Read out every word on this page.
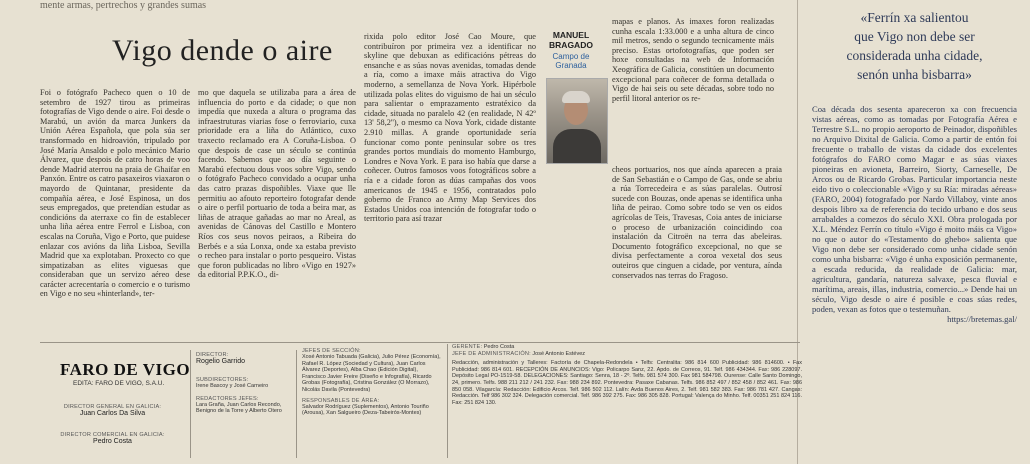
mente armas, pertrechos y grandes sumas
Vigo dende o aire

Foi o fotógrafo Pacheco quen o 10 de setembro de 1927 tirou as primeiras fotografías de Vigo dende o aire. Foi desde o Marabú, un avión da marca Junkers da Unión Aérea Española, que pola súa ser transformado en hidroavión, tripulado por José María Ansaldo e polo mecánico Mario Álvarez, que despois de catro horas de voo dende Madrid aterrou na praia de Ghaifar en Panxón. Entre os catro pasaxeiros viaxaron o mayordo de Quintanar, presidente da compañía aérea, e José Espinosa, un dos seus empregados, que pretendían estudar as condicións da aterraxe co fin de establecer unha liña aérea entre Ferrol e Lisboa, con escalas na Coruña, Vigo e Porto, que puidese enlazar cos avións da liña Lisboa, Sevilla Madrid que xa explotaban. Proxecto co que simpatizaban as elites viguesas que consideraban que un servizo aéreo dese carácter acrecentaría o comercio e o turismo en Vigo e no seu «hinterland», ter-

mo que daquela se utilizaba para a área de influencia do porto e da cidade; o que non impedía que nuxeda a altura o programa das infraestruturas viarias fose o ferroviario, cuxa prioridade era a liña do Atlántico, cuxo traxecto reclamado era A Coruña-Lisboa. O que despois de case un século se continúa facendo. Sabemos que ao día seguinte o Marabú efectuou dous voos sobre Vigo, sendo o fotógrafo Pacheco convidado a ocupar unha das catro prazas dispoñibles. Viaxe que lle permitiu ao afouto reporteiro fotografar dende o aire o perfil portuario de toda a beira mar, as liñas de atraque gañadas ao mar no Areal, as avenidas de Cánovas del Castillo e Montero Ríos cos seus novos peiraos, a Ribeira do Berbés e a súa Lonxa, onde xa estaba previsto o recheo para instalar o porto pesqueiro. Vistas que foron publicadas no libro «Vigo en 1927» da editorial P.P.K.O., di-

rixida polo editor José Cao Moure, que contribuíron por primeira vez a identificar no skyline que debuxan as edificacións pétreas do ensanche e as súas novas avenidas, tomadas dende a ría, como a imaxe máis atractiva do Vigo moderno, a semellanza de Nova York. Hipérbole utilizada polas elites do viguismo de hai un século para salientar o emprazamento estratéxico da cidade, situada no paralelo 42 (en realidade, N 42º 13' 58,2''), o mesmo ca Nova York, cidade distante 2.910 millas. A grande oportunidade sería funcionar como ponte peninsular sobre os tres grandes portos mundiais do momento Hamburgo, Londres e Nova York. E para iso había que darse a coñecer. Outros famosos voos fotográficos sobre a ría e a cidade foron as dúas campañas dos voos americanos de 1945 e 1956, contratados polo goberno de Franco ao Army Map Services dos Estados Unidos coa intención de fotografar todo o territorio para así trazar

mapas e planos. As imaxes foron realizadas cunha escala 1:33.000 e a unha altura de cinco mil metros, sendo o segundo tecnicamente máis preciso. Estas ortofotografías, que poden ser hoxe consultadas na web de Información Xeográfica de Galicia, constitúen un documento excepcional para coñecer de forma detallada o Vigo de hai seis ou sete décadas, sobre todo no perfil litoral anterior os re-

cheos portuarios, nos que aínda aparecen a praia de San Sebastián e o Campo de Gas, onde se abriu a rúa Torrecedeira e as súas paralelas. Outrosí sucede con Bouzas, onde apenas se identifica unha liña de peirao. Como sobre todo se ven os eidos agrícolas de Teis, Travesas, Coia antes de iniciarse o proceso de urbanización coincidindo coa instalación da Citroën na terra das abeleiras. Documento fotográfico excepcional, no que se divisa perfectamente a coroa vexetal dos seus outeiros que cinguen a cidade, por ventura, aínda conservados nas terras do Fragoso.

MANUEL
BRAGADO
Campo de
Granada
«Ferrín xa salientou
que Vigo non debe ser
considerada unha cidade,
senón unha bisbarra»
Coa década dos sesenta apareceron xa con frecuencia vistas aéreas, como as tomadas por Fotografía Aérea e Terrestre S.L. no propio aeroporto de Peinador, dispoñibles no Arquivo Dixital de Galicia. Como a partir de entón foi frecuente o traballo de vistas da cidade dos excelentes fotógrafos do FARO como Magar e as súas viaxes pioneiras en avioneta, Barreiro, Siorty, Carneselle, De Arcos ou de Ricardo Grobas. Particular importancia neste eido tivo o coleccionable «Vigo y su Ría: miradas aéreas» (FARO, 2004) fotografado por Nardo Villaboy, vinte anos despois libro xa de referencia do tecido urbano e dos seus arrabaldes a comezos do século XXI. Obra prologada por X.L. Méndez Ferrín co título «Vigo é moito máis ca Vigo» no que o autor do «Testamento do ghebo» salienta que Vigo non debe ser considerado como unha cidade senón como unha bisbarra: «Vigo é unha exposición permanente, a escada reducida, da realidade de Galicia: mar, agricultura, gandaría, natureza salvaxe, pesca fluvial e marítima, areais, illas, industria, comercio...» Dende hai un século, Vigo desde o aire é posible e coas súas redes, poden, vexan as fotos que o testemuñan.
https://bretemas.gal/
FARO DE VIGO
EDITA: FARO DE VIGO, S.A.U.
DIRECTOR GENERAL EN GALICIA:
Juan Carlos Da Silva
DIRECTOR COMERCIAL EN GALICIA:
Pedro Costa
DIRECTOR:
Rogelio Garrido
SUBDIRECTORES:
Irene Bascoy y José Carneiro
REDACTORES JEFES:
Lara Graña, Juan Carlos Recondo, Benigno de la Torre y Alberto Otero
JEFES DE SECCIÓN:
Xosé Antonio Tabuada (Galicia), Julio Pérez (Economía), Rafael R. López (Sociedad y Cultura), Juan Carlos Álvarez (Deportes), Alba Chao (Edición Digital), Francisco Javier Freire (Diseño e Infografía), Ricardo Grobas (Fotografía), Cristina González (O Morrazo), Nicolás Davila (Pontevedra)
RESPONSABLES DE ÁREA:
Salvador Rodríguez (Suplementos), Antonio Touriño (Arousa), Xan Salgueiro (Deza-Tabeirós-Montes)
GERENTE: Pedro Costa
JEFE DE ADMINISTRACIÓN: José Antonio Estévez
Redacción, administración y Talleres: Factoría de Chapela-Redondela • Telfs: Centralita: 986 814 600 Publicidad: 986 814600. • Fax Publicidad: 986 814 601. RECEPCIÓN DE ANUNCIOS: Vigo: Policarpo Sanz, 22. Apdo. de Correos, 91. Telf. 986 434344. Fax: 986 228097. Depósito Legal PO-1519-58. DELEGACIONES: Santiago: Senra, 18 - 2º. Telfs. 981 574 300. Fax 981 584798. Ourense: Calle Santo Domingo, 24, primero. Telfs. 988 211 212 / 241 232. Fax: 988 234 892. Pontevedra: Pasaxe Cabanas. Telfs. 986 852 497 / 852 458 / 852 461. Fax: 986 850 058. Vilagarcía: Redacción: Edificio Arcos. Telf. 986 502 112. Lalín: Avda Buenos Aires, 2. Telf. 981 582 383. Fax: 986 781 427. Cangas: Redacción. Telf 986 302 324. Delegación comercial. Telf. 986 392 275. Fax: 986 305 828. Portugal: Valença do Minho. Telf. 00351 251 824 116. Fax: 251 824 130.
